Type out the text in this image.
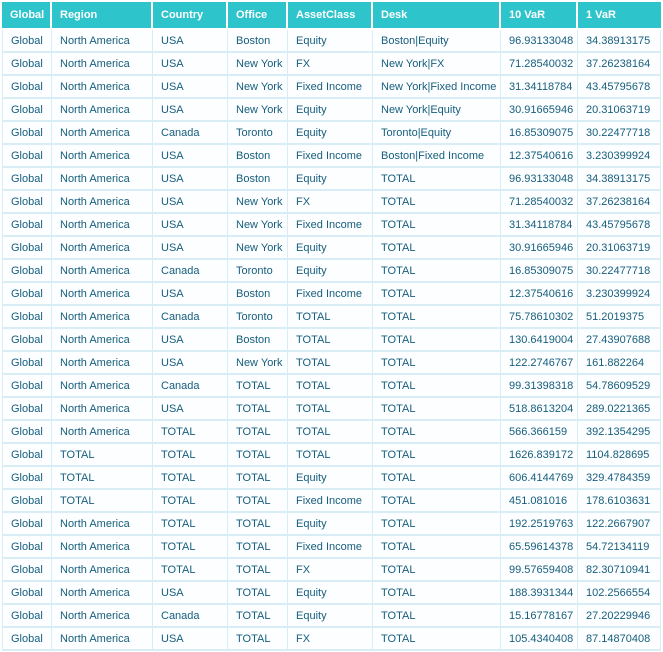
Global	Region	Country	Office	AssetClass	Desk	10 VaR	1 VaR
Global	North America	USA	Boston	Equity	Boston|Equity	96.93133048	34.38913175
Global	North America	USA	New York	FX	New York|FX	71.28540032	37.26238164
Global	North America	USA	New York	Fixed Income	New York|Fixed Income	31.34118784	43.45795678
Global	North America	USA	New York	Equity	New York|Equity	30.91665946	20.31063719
Global	North America	Canada	Toronto	Equity	Toronto|Equity	16.85309075	30.22477718
Global	North America	USA	Boston	Fixed Income	Boston|Fixed Income	12.37540616	3.230399924
Global	North America	USA	Boston	Equity	TOTAL	96.93133048	34.38913175
Global	North America	USA	New York	FX	TOTAL	71.28540032	37.26238164
Global	North America	USA	New York	Fixed Income	TOTAL	31.34118784	43.45795678
Global	North America	USA	New York	Equity	TOTAL	30.91665946	20.31063719
Global	North America	Canada	Toronto	Equity	TOTAL	16.85309075	30.22477718
Global	North America	USA	Boston	Fixed Income	TOTAL	12.37540616	3.230399924
Global	North America	Canada	Toronto	TOTAL	TOTAL	75.78610302	51.2019375
Global	North America	USA	Boston	TOTAL	TOTAL	130.6419004	27.43907688
Global	North America	USA	New York	TOTAL	TOTAL	122.2746767	161.882264
Global	North America	Canada	TOTAL	TOTAL	TOTAL	99.31398318	54.78609529
Global	North America	USA	TOTAL	TOTAL	TOTAL	518.8613204	289.0221365
Global	North America	TOTAL	TOTAL	TOTAL	TOTAL	566.366159	392.1354295
Global	TOTAL	TOTAL	TOTAL	TOTAL	TOTAL	1626.839172	1104.828695
Global	TOTAL	TOTAL	TOTAL	Equity	TOTAL	606.4144769	329.4784359
Global	TOTAL	TOTAL	TOTAL	Fixed Income	TOTAL	451.081016	178.6103631
Global	North America	TOTAL	TOTAL	Equity	TOTAL	192.2519763	122.2667907
Global	North America	TOTAL	TOTAL	Fixed Income	TOTAL	65.59614378	54.72134119
Global	North America	TOTAL	TOTAL	FX	TOTAL	99.57659408	82.30710941
Global	North America	USA	TOTAL	Equity	TOTAL	188.3931344	102.2566554
Global	North America	Canada	TOTAL	Equity	TOTAL	15.16778167	27.20229946
Global	North America	USA	TOTAL	FX	TOTAL	105.4340408	87.14870408
